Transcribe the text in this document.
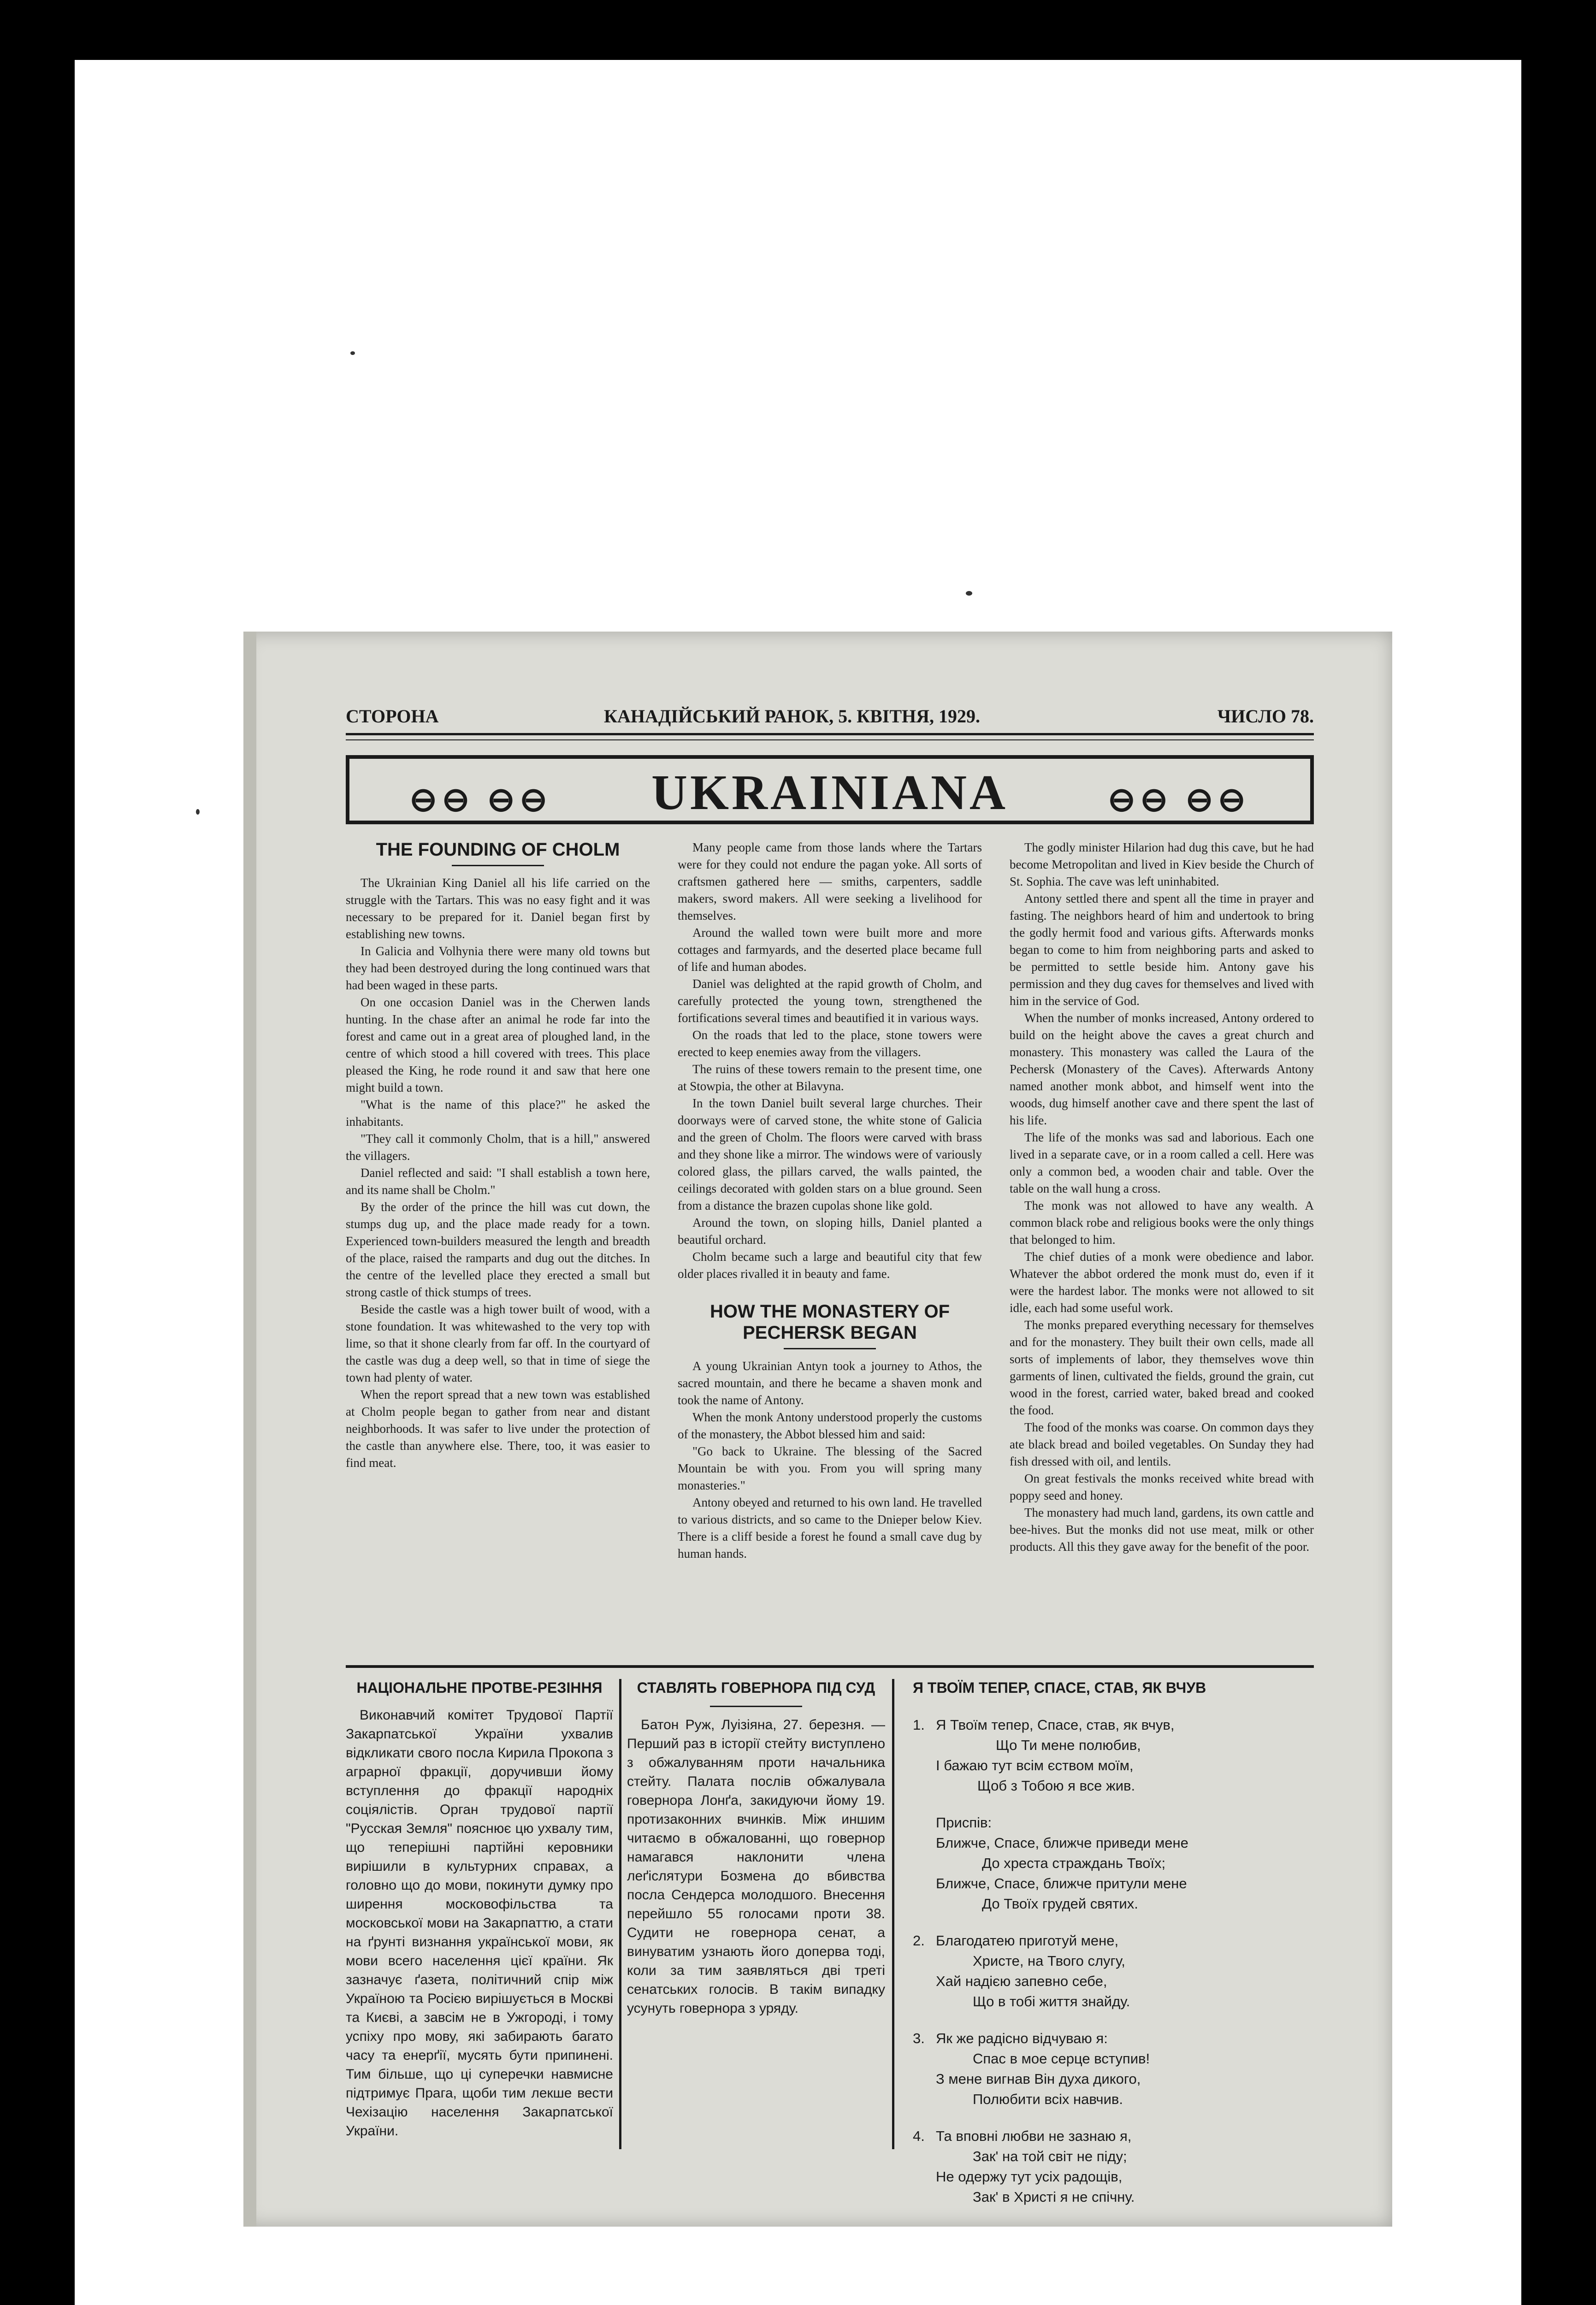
СТОРОНА	КАНАДІЙСЬКИЙ РАНОК, 5. КВІТНЯ, 1929.	ЧИСЛО 78.
⊖⊖ ⊖⊖	UKRAINIANA	⊖⊖ ⊖⊖
THE FOUNDING OF CHOLM

The Ukrainian King Daniel all his life carried on the struggle with the Tartars. This was no easy fight and it was necessary to be prepared for it. Daniel began first by establishing new towns.

In Galicia and Volhynia there were many old towns but they had been destroyed during the long continued wars that had been waged in these parts.

On one occasion Daniel was in the Cherwen lands hunting. In the chase after an animal he rode far into the forest and came out in a great area of ploughed land, in the centre of which stood a hill covered with trees. This place pleased the King, he rode round it and saw that here one might build a town.

"What is the name of this place?" he asked the inhabitants.

"They call it commonly Cholm, that is a hill," answered the villagers.

Daniel reflected and said: "I shall establish a town here, and its name shall be Cholm."

By the order of the prince the hill was cut down, the stumps dug up, and the place made ready for a town. Experienced town-builders measured the length and breadth of the place, raised the ramparts and dug out the ditches. In the centre of the levelled place they erected a small but strong castle of thick stumps of trees.

Beside the castle was a high tower built of wood, with a stone foundation. It was whitewashed to the very top with lime, so that it shone clearly from far off. In the courtyard of the castle was dug a deep well, so that in time of siege the town had plenty of water.

When the report spread that a new town was established at Cholm people began to gather from near and distant neighborhoods. It was safer to live under the protection of the castle than anywhere else. There, too, it was easier to find meat.

Many people came from those lands where the Tartars were for they could not endure the pagan yoke. All sorts of craftsmen gathered here — smiths, carpenters, saddle makers, sword makers. All were seeking a livelihood for themselves.

Around the walled town were built more and more cottages and farmyards, and the deserted place became full of life and human abodes.

Daniel was delighted at the rapid growth of Cholm, and carefully protected the young town, strengthened the fortifications several times and beautified it in various ways.

On the roads that led to the place, stone towers were erected to keep enemies away from the villagers.

The ruins of these towers remain to the present time, one at Stowpia, the other at Bilavyna.

In the town Daniel built several large churches. Their doorways were of carved stone, the white stone of Galicia and the green of Cholm. The floors were carved with brass and they shone like a mirror. The windows were of variously colored glass, the pillars carved, the walls painted, the ceilings decorated with golden stars on a blue ground. Seen from a distance the brazen cupolas shone like gold.

Around the town, on sloping hills, Daniel planted a beautiful orchard.

Cholm became such a large and beautiful city that few older places rivalled it in beauty and fame.

HOW THE MONASTERY OF PECHERSK BEGAN

A young Ukrainian Antyn took a journey to Athos, the sacred mountain, and there he became a shaven monk and took the name of Antony.

When the monk Antony understood properly the customs of the monastery, the Abbot blessed him and said:

"Go back to Ukraine. The blessing of the Sacred Mountain be with you. From you will spring many monasteries."

Antony obeyed and returned to his own land. He travelled to various districts, and so came to the Dnieper below Kiev. There is a cliff beside a forest he found a small cave dug by human hands.

The godly minister Hilarion had dug this cave, but he had become Metropolitan and lived in Kiev beside the Church of St. Sophia. The cave was left uninhabited.

Antony settled there and spent all the time in prayer and fasting. The neighbors heard of him and undertook to bring the godly hermit food and various gifts. Afterwards monks began to come to him from neighboring parts and asked to be permitted to settle beside him. Antony gave his permission and they dug caves for themselves and lived with him in the service of God.

When the number of monks increased, Antony ordered to build on the height above the caves a great church and monastery. This monastery was called the Laura of the Pechersk (Monastery of the Caves). Afterwards Antony named another monk abbot, and himself went into the woods, dug himself another cave and there spent the last of his life.

The life of the monks was sad and laborious. Each one lived in a separate cave, or in a room called a cell. Here was only a common bed, a wooden chair and table. Over the table on the wall hung a cross.

The monk was not allowed to have any wealth. A common black robe and religious books were the only things that belonged to him.

The chief duties of a monk were obedience and labor. Whatever the abbot ordered the monk must do, even if it were the hardest labor. The monks were not allowed to sit idle, each had some useful work.

The monks prepared everything necessary for themselves and for the monastery. They built their own cells, made all sorts of implements of labor, they themselves wove thin garments of linen, cultivated the fields, ground the grain, cut wood in the forest, carried water, baked bread and cooked the food.

The food of the monks was coarse. On common days they ate black bread and boiled vegetables. On Sunday they had fish dressed with oil, and lentils.

On great festivals the monks received white bread with poppy seed and honey.

The monastery had much land, gardens, its own cattle and bee-hives. But the monks did not use meat, milk or other products. All this they gave away for the benefit of the poor.

НАЦІОНАЛЬНЕ ПРОТВЕ-РЕЗІННЯ

Виконавчий комітет Трудової Партії Закарпатської України ухвалив відкликати свого посла Кирила Прокопа з аграрної фракції, доручивши йому вступлення до фракції народніх соціялістів. Орган трудової партії "Русская Земля" пояснює цю ухвалу тим, що теперішні партійні керовники вирішили в культурних справах, а головно що до мови, покинути думку про ширення московофільства та московської мови на Закарпаттю, а стати на ґрунті визнання української мови, як мови всего населення цієї країни. Як зазначує ґазета, політичний спір між Україною та Росією вирішується в Москві та Києві, а завсім не в Ужгороді, і тому успіху про мову, які забирають багато часу та енерґії, мусять бути припинені. Тим більше, що ці суперечки навмисне підтримує Прага, щоби тим лекше вести Чехізацію населення Закарпатської України.

СТАВЛЯТЬ ГОВЕРНОРА ПІД СУД

Батон Руж, Луізіяна, 27. березня. — Перший раз в історії стейту виступлено з обжалуванням проти начальника стейту. Палата послів обжалувала говернора Лонґа, закидуючи йому 19. протизаконних вчинків. Між иншим читаємо в обжалованні, що говернор намагався наклонити члена леґіслятури Бозмена до вбивства посла Сендерса молодшого. Внесення перейшло 55 голосами проти 38. Судити не говернора сенат, а винуватим узнають його доперва тоді, коли за тим заявляться дві треті сенатських голосів. В такім випадку усунуть говернора з уряду.

Я ТВОЇМ ТЕПЕР, СПАСЕ, СТАВ, ЯК ВЧУВ
1. Я Твоїм тепер, Спасе, став, як вчув,
Що Ти мене полюбив,
І бажаю тут всім єством моїм,
Щоб з Тобою я все жив.
Приспів:
Ближче, Спасе, ближче приведи мене
До хреста страждань Твоїх;
Ближче, Спасе, ближче притули мене
До Твоїх грудей святих.
2. Благодатею приготуй мене,
Христе, на Твого слугу,
Хай надією запевно себе,
Що в тобі життя знайду.
3. Як же радісно відчуваю я:
Спас в мое серце вступив!
З мене вигнав Він духа дикого,
Полюбити всіх навчив.
4. Та вповні любви не зазнаю я,
Зак' на той світ не піду;
Не одержу тут усіх радощів,
Зак' в Христі я не спічну.
